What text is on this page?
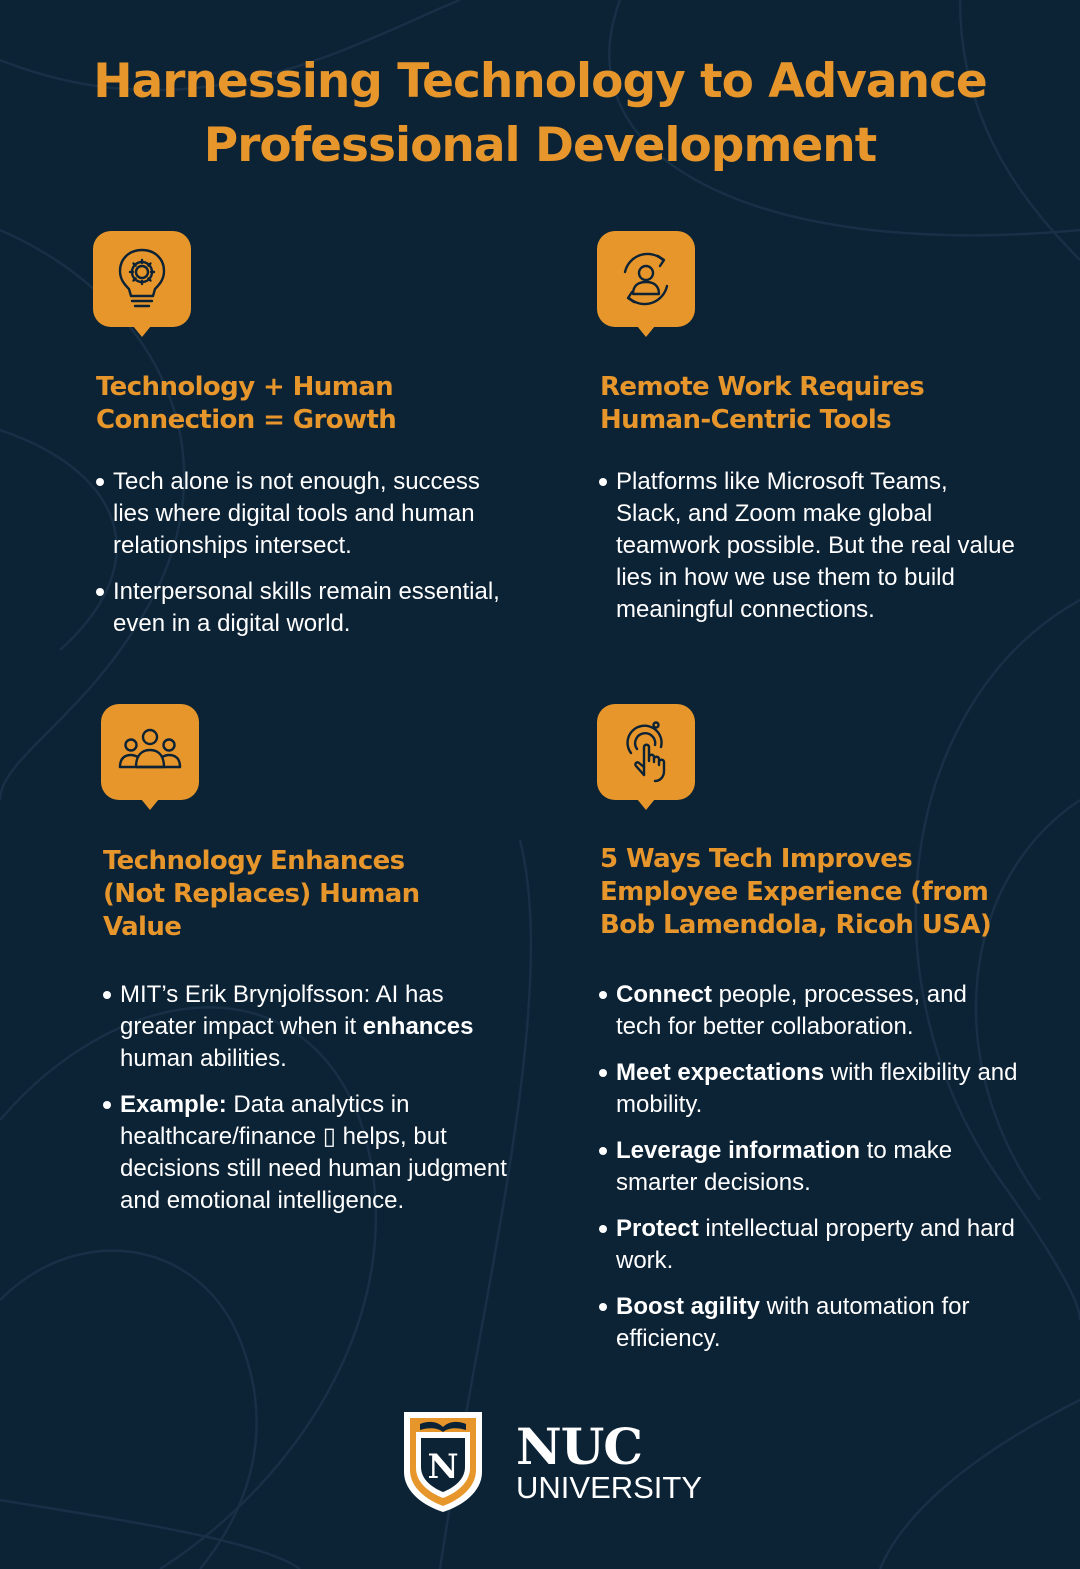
Harnessing Technology to Advance
Professional Development
Technology + Human
Connection = Growth
Tech alone is not enough, success lies where digital tools and human relationships intersect.
Interpersonal skills remain essential, even in a digital world.
Remote Work Requires
Human-Centric Tools
Platforms like Microsoft Teams, Slack, and Zoom make global teamwork possible. But the real value lies in how we use them to build meaningful connections.
Technology Enhances
(Not Replaces) Human
Value
MIT’s Erik Brynjolfsson: AI has greater impact when it enhances human abilities.
Example: Data analytics in healthcare/finance ▯ helps, but decisions still need human judgment and emotional intelligence.
5 Ways Tech Improves
Employee Experience (from
Bob Lamendola, Ricoh USA)
Connect people, processes, and tech for better collaboration.
Meet expectations with flexibility and mobility.
Leverage information to make smarter decisions.
Protect intellectual property and hard work.
Boost agility with automation for efficiency.
N NUC
UNIVERSITY
